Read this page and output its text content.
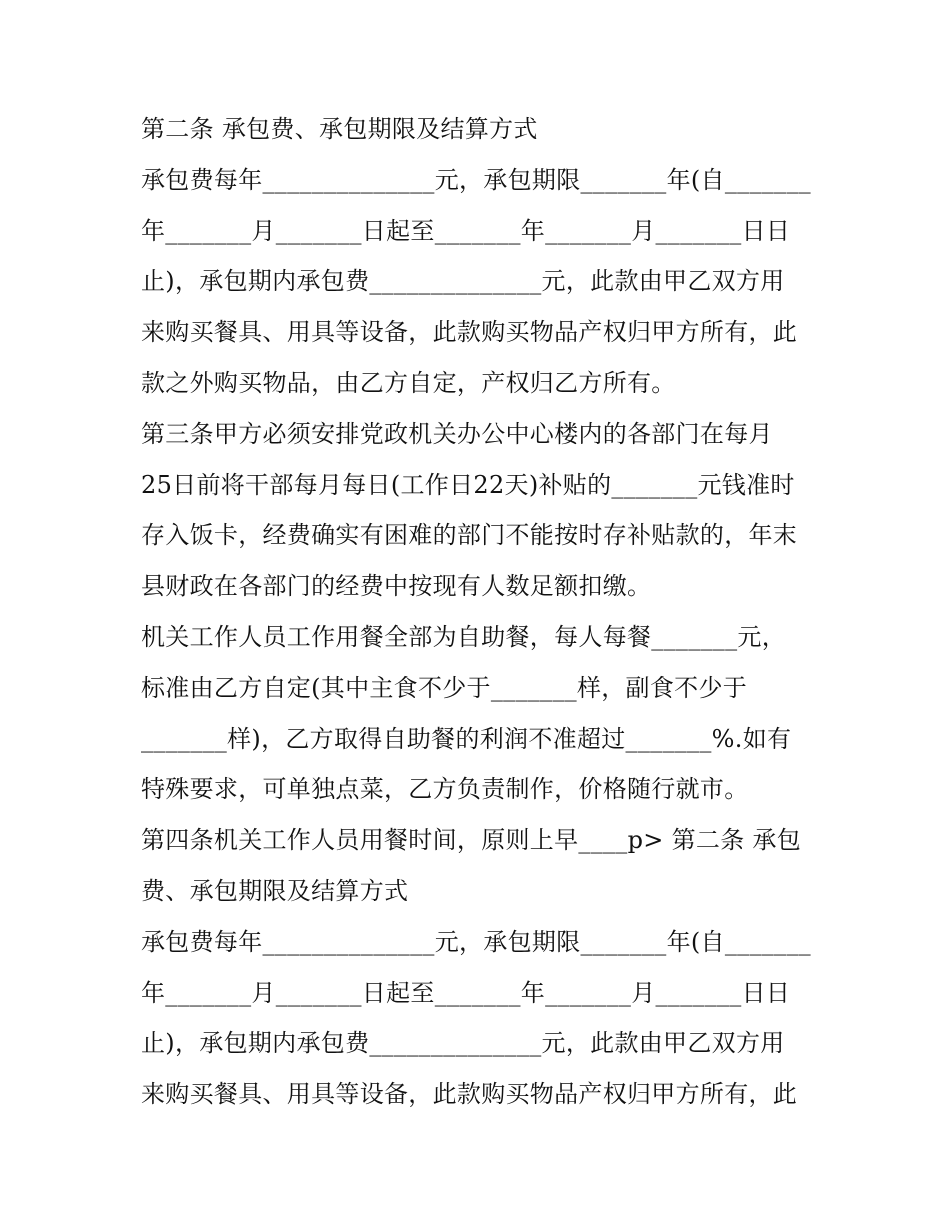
第二条 承包费、承包期限及结算方式
承包费每年______________元，承包期限_______年(自_______
年_______月_______日起至_______年_______月_______日日
止)，承包期内承包费______________元，此款由甲乙双方用
来购买餐具、用具等设备，此款购买物品产权归甲方所有，此
款之外购买物品，由乙方自定，产权归乙方所有。
第三条甲方必须安排党政机关办公中心楼内的各部门在每月
25日前将干部每月每日(工作日22天)补贴的_______元钱准时
存入饭卡，经费确实有困难的部门不能按时存补贴款的，年末
县财政在各部门的经费中按现有人数足额扣缴。
机关工作人员工作用餐全部为自助餐，每人每餐_______元，
标准由乙方自定(其中主食不少于_______样，副食不少于
_______样)，乙方取得自助餐的利润不准超过_______%.如有
特殊要求，可单独点菜，乙方负责制作，价格随行就市。
第四条机关工作人员用餐时间，原则上早____p> 第二条 承包
费、承包期限及结算方式
承包费每年______________元，承包期限_______年(自_______
年_______月_______日起至_______年_______月_______日日
止)，承包期内承包费______________元，此款由甲乙双方用
来购买餐具、用具等设备，此款购买物品产权归甲方所有，此
